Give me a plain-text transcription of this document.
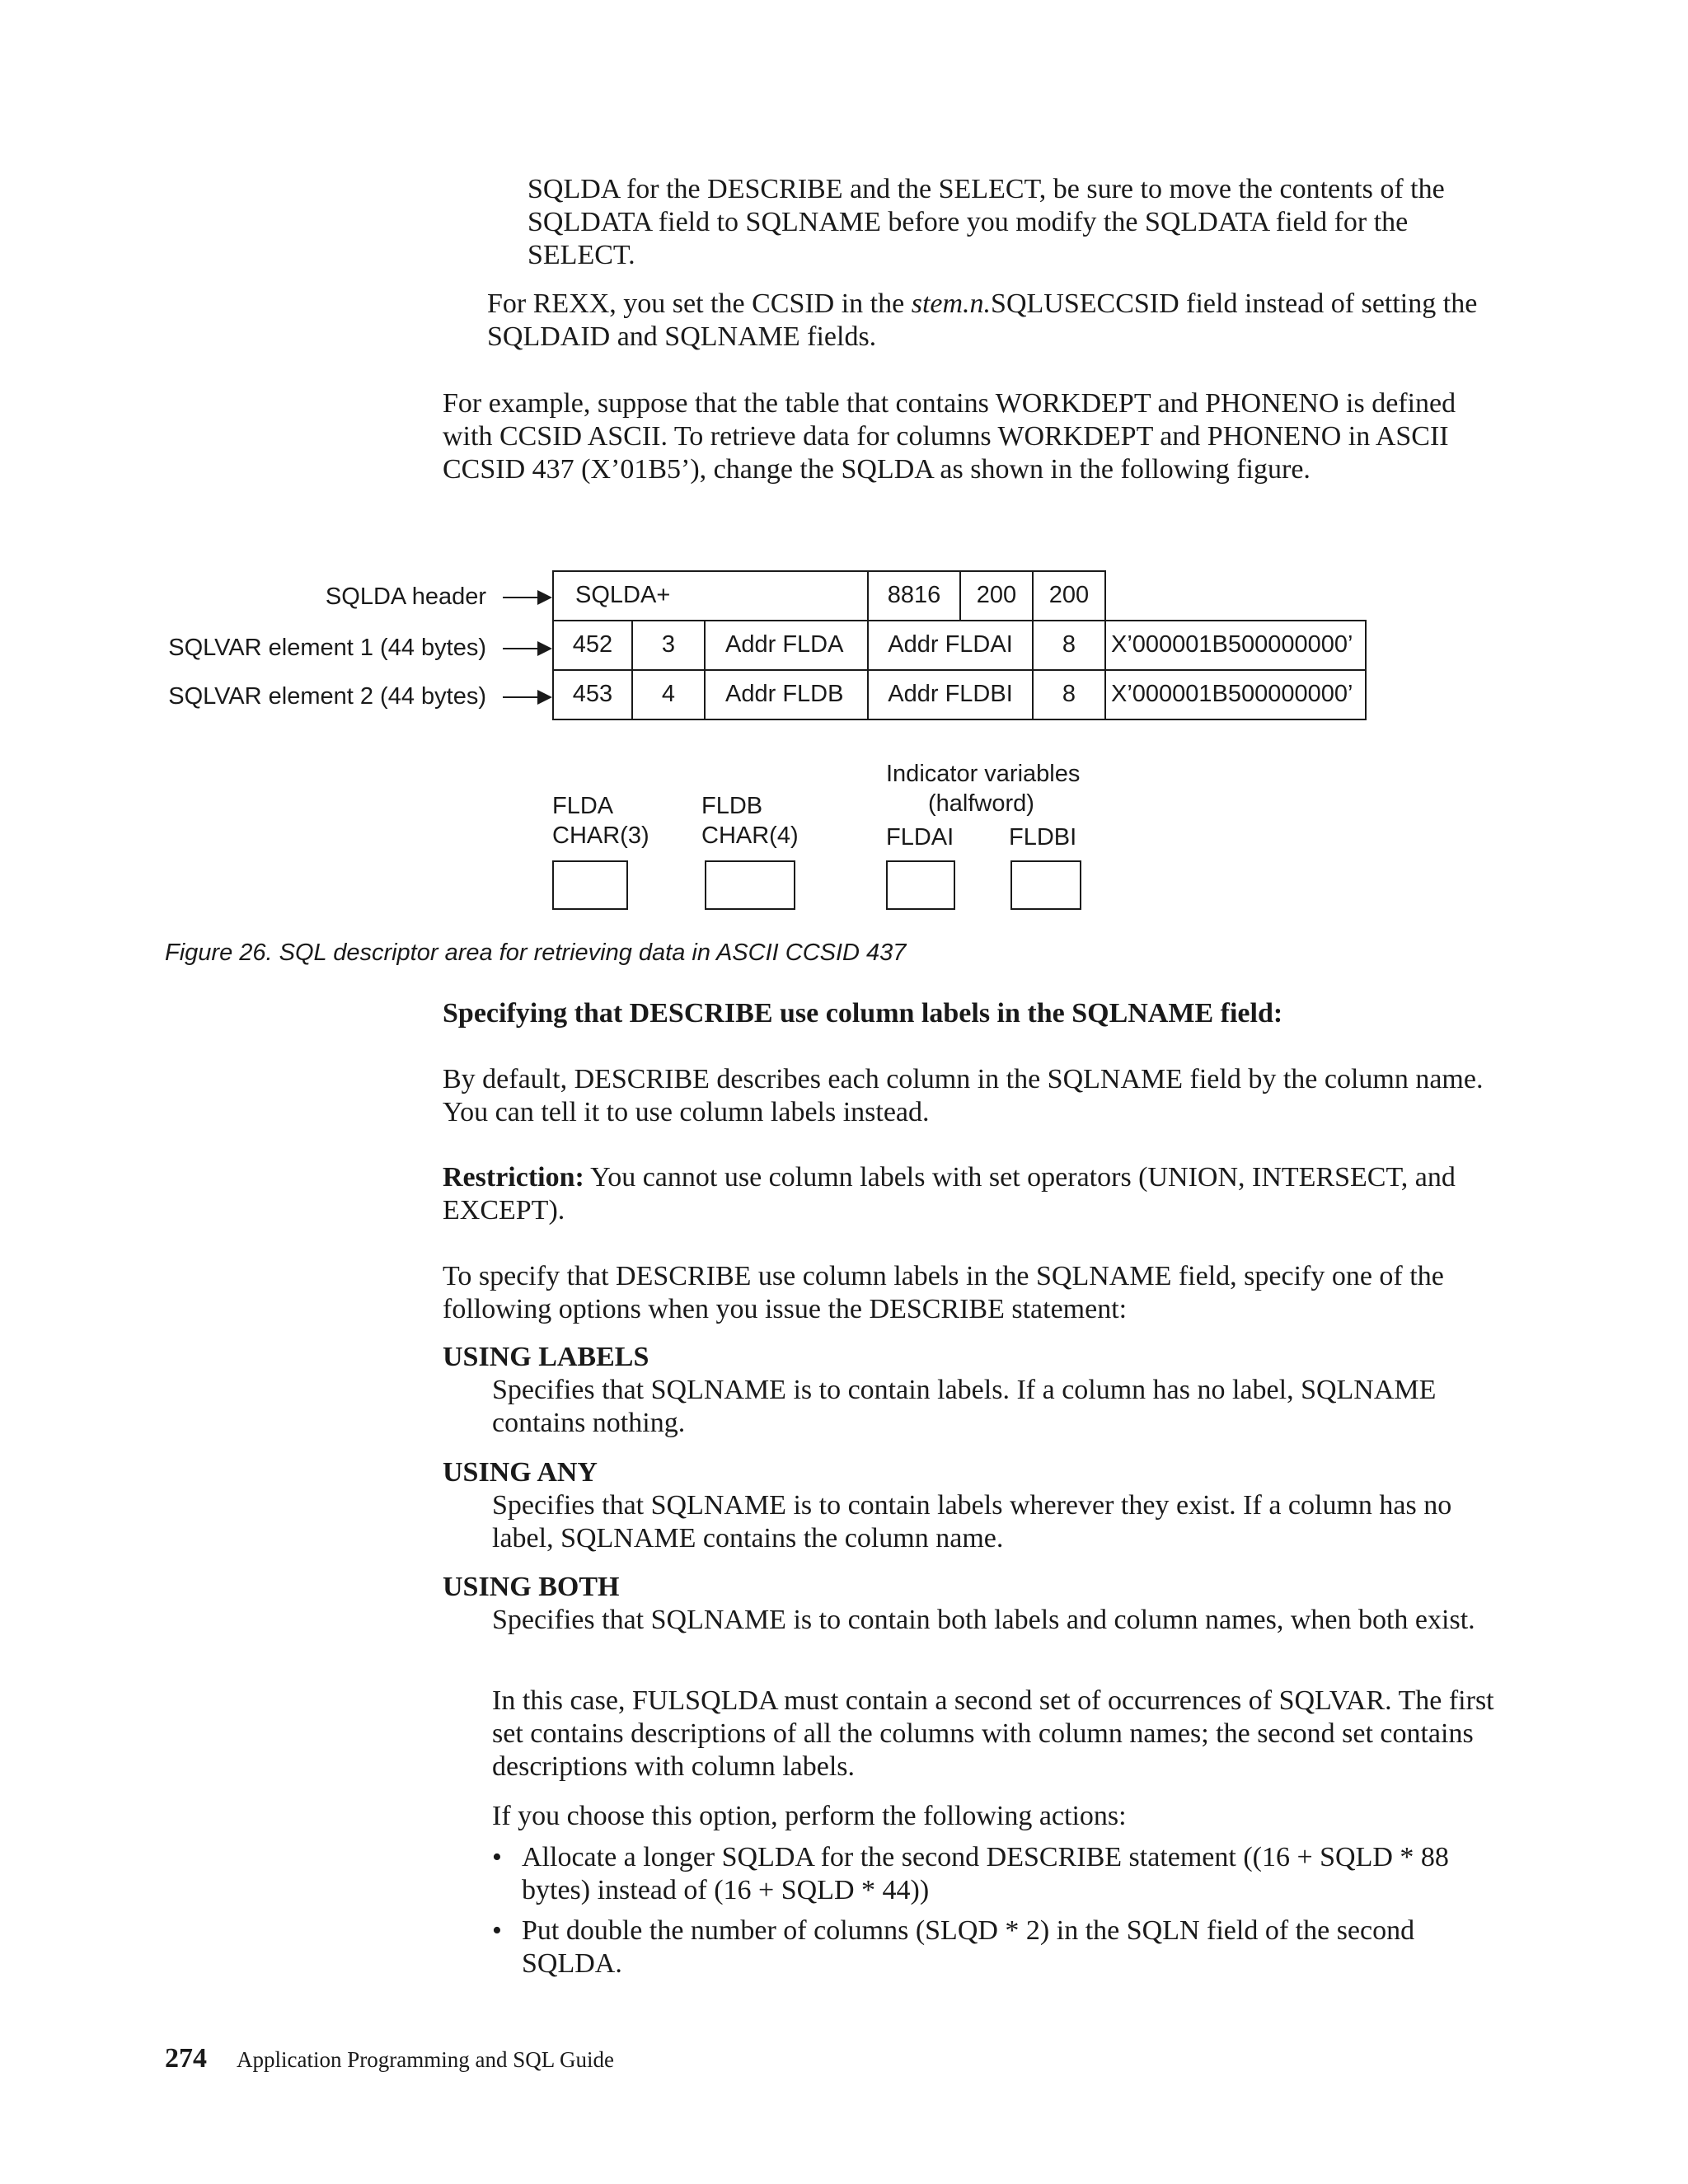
SQLDA for the DESCRIBE and the SELECT, be sure to move the contents of the SQLDATA field to SQLNAME before you modify the SQLDATA field for the SELECT.

For REXX, you set the CCSID in the stem.n.SQLUSECCSID field instead of setting the SQLDAID and SQLNAME fields.

For example, suppose that the table that contains WORKDEPT and PHONENO is defined with CCSID ASCII. To retrieve data for columns WORKDEPT and PHONENO in ASCII CCSID 437 (X’01B5’), change the SQLDA as shown in the following figure.

SQLDA header
SQLVAR element 1 (44 bytes)
SQLVAR element 2 (44 bytes)
SQLDA+	8816	200	200
452	3	Addr FLDA	Addr FLDAI	8	X’000001B500000000’
453	4	Addr FLDB	Addr FLDBI	8	X’000001B500000000’
FLDA
CHAR(3)
FLDB
CHAR(4)
Indicator variables
(halfword)
FLDAI FLDBI
Figure 26. SQL descriptor area for retrieving data in ASCII CCSID 437

Specifying that DESCRIBE use column labels in the SQLNAME field:

By default, DESCRIBE describes each column in the SQLNAME field by the column name. You can tell it to use column labels instead.

Restriction: You cannot use column labels with set operators (UNION, INTERSECT, and EXCEPT).

To specify that DESCRIBE use column labels in the SQLNAME field, specify one of the following options when you issue the DESCRIBE statement:

USING LABELS

Specifies that SQLNAME is to contain labels. If a column has no label, SQLNAME contains nothing.

USING ANY

Specifies that SQLNAME is to contain labels wherever they exist. If a column has no label, SQLNAME contains the column name.

USING BOTH

Specifies that SQLNAME is to contain both labels and column names, when both exist.

In this case, FULSQLDA must contain a second set of occurrences of SQLVAR. The first set contains descriptions of all the columns with column names; the second set contains descriptions with column labels.

If you choose this option, perform the following actions:

• Allocate a longer SQLDA for the second DESCRIBE statement ((16 + SQLD * 88 bytes) instead of (16 + SQLD * 44))

• Put double the number of columns (SLQD * 2) in the SQLN field of the second SQLDA.

274 Application Programming and SQL Guide
